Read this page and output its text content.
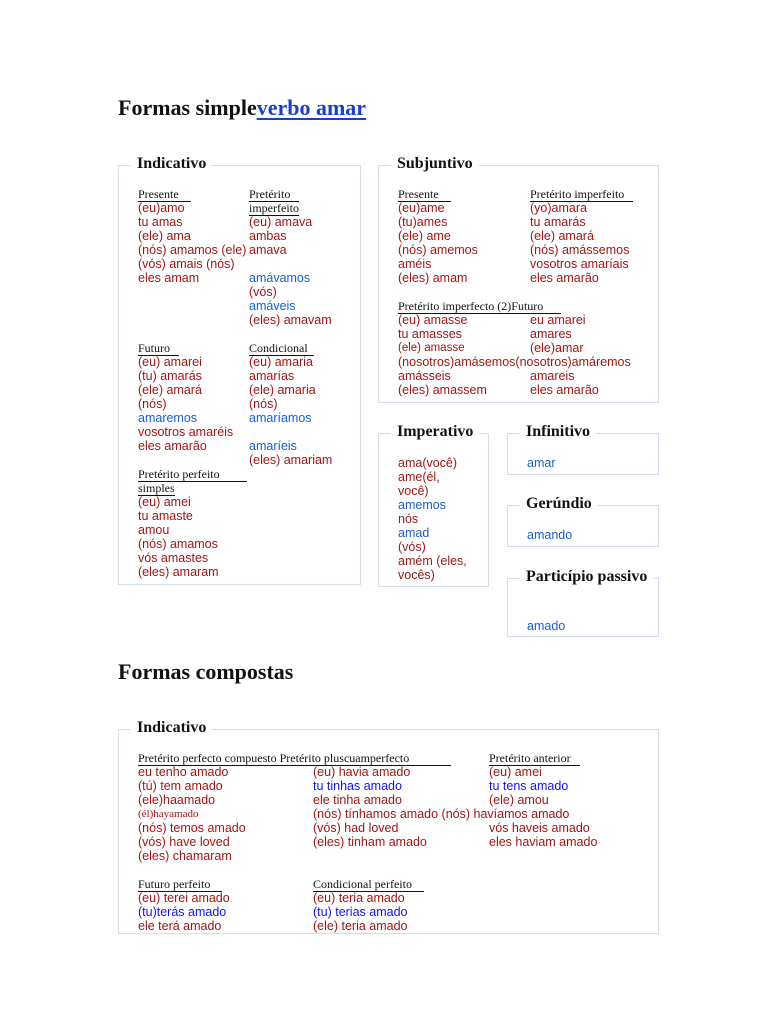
Formas simpleverbo amar
Indicativo
Presente
(eu)amo
tu amas
(ele) ama
(nós) amamos (ele)
(vós) amais (nós)
eles amam
Pretérito
imperfeito
(eu) amava
ambas
amava
amávamos
(vós)
amáveis
(eles) amavam
Futuro
(eu) amarei
(tu) amarás
(ele) amará
(nós)
amaremos
vosotros amaréis
eles amarão
Condicional
(eu) amaria
amarías
(ele) amaria
(nós)
amaríamos
amaríeis
(eles) amariam
Pretérito perfeito
simples
(eu) amei
tu amaste
amou
(nós) amamos
vós amastes
(eles) amaram
Subjuntivo
Presente
(eu)ame
(tu)ames
(ele) ame
(nós) amemos
améis
(eles) amam
Pretérito imperfeito
(yo)amara
tu amarás
(ele) amará
(nós) amássemos
vosotros amaríais
eles amarão
Pretérito imperfecto (2)Futuro
(eu) amasse
tu amasses
(ele) amasse
eu amarei
amares
(ele)amar
(nosotros)amásemos(nosotros)amáremos
amásseis
(eles) amassem
amareis
eles amarão
Imperativo
ama(você)
ame(él,
você)
amemos
nós
amad
(vós)
amém (eles,
vocês)
Infinitivo
amar
Gerúndio
amando
Particípio passivo
amado
Formas compostas
Indicativo
Pretérito perfecto compuesto Pretérito pluscuamperfecto	Pretérito anterior
eu tenho amado
(tú) tem amado
(ele)haamado
(él)hayamado
(nós) temos amado
(vós) have loved
(eles) chamaram
(eu) havia amado
tu tinhas amado
ele tinha amado
(nós) tínhamos amado (nós) havíamos amado
(vós) had loved
(eles) tinham amado
(eu) amei
tu tens amado
(ele) amou
vós haveis amado
eles haviam amado
Futuro perfeito
(eu) terei amado
(tu)terás amado
ele terá amado
Condicional perfeito
(eu) teria amado
(tu) terias amado
(ele) teria amado
